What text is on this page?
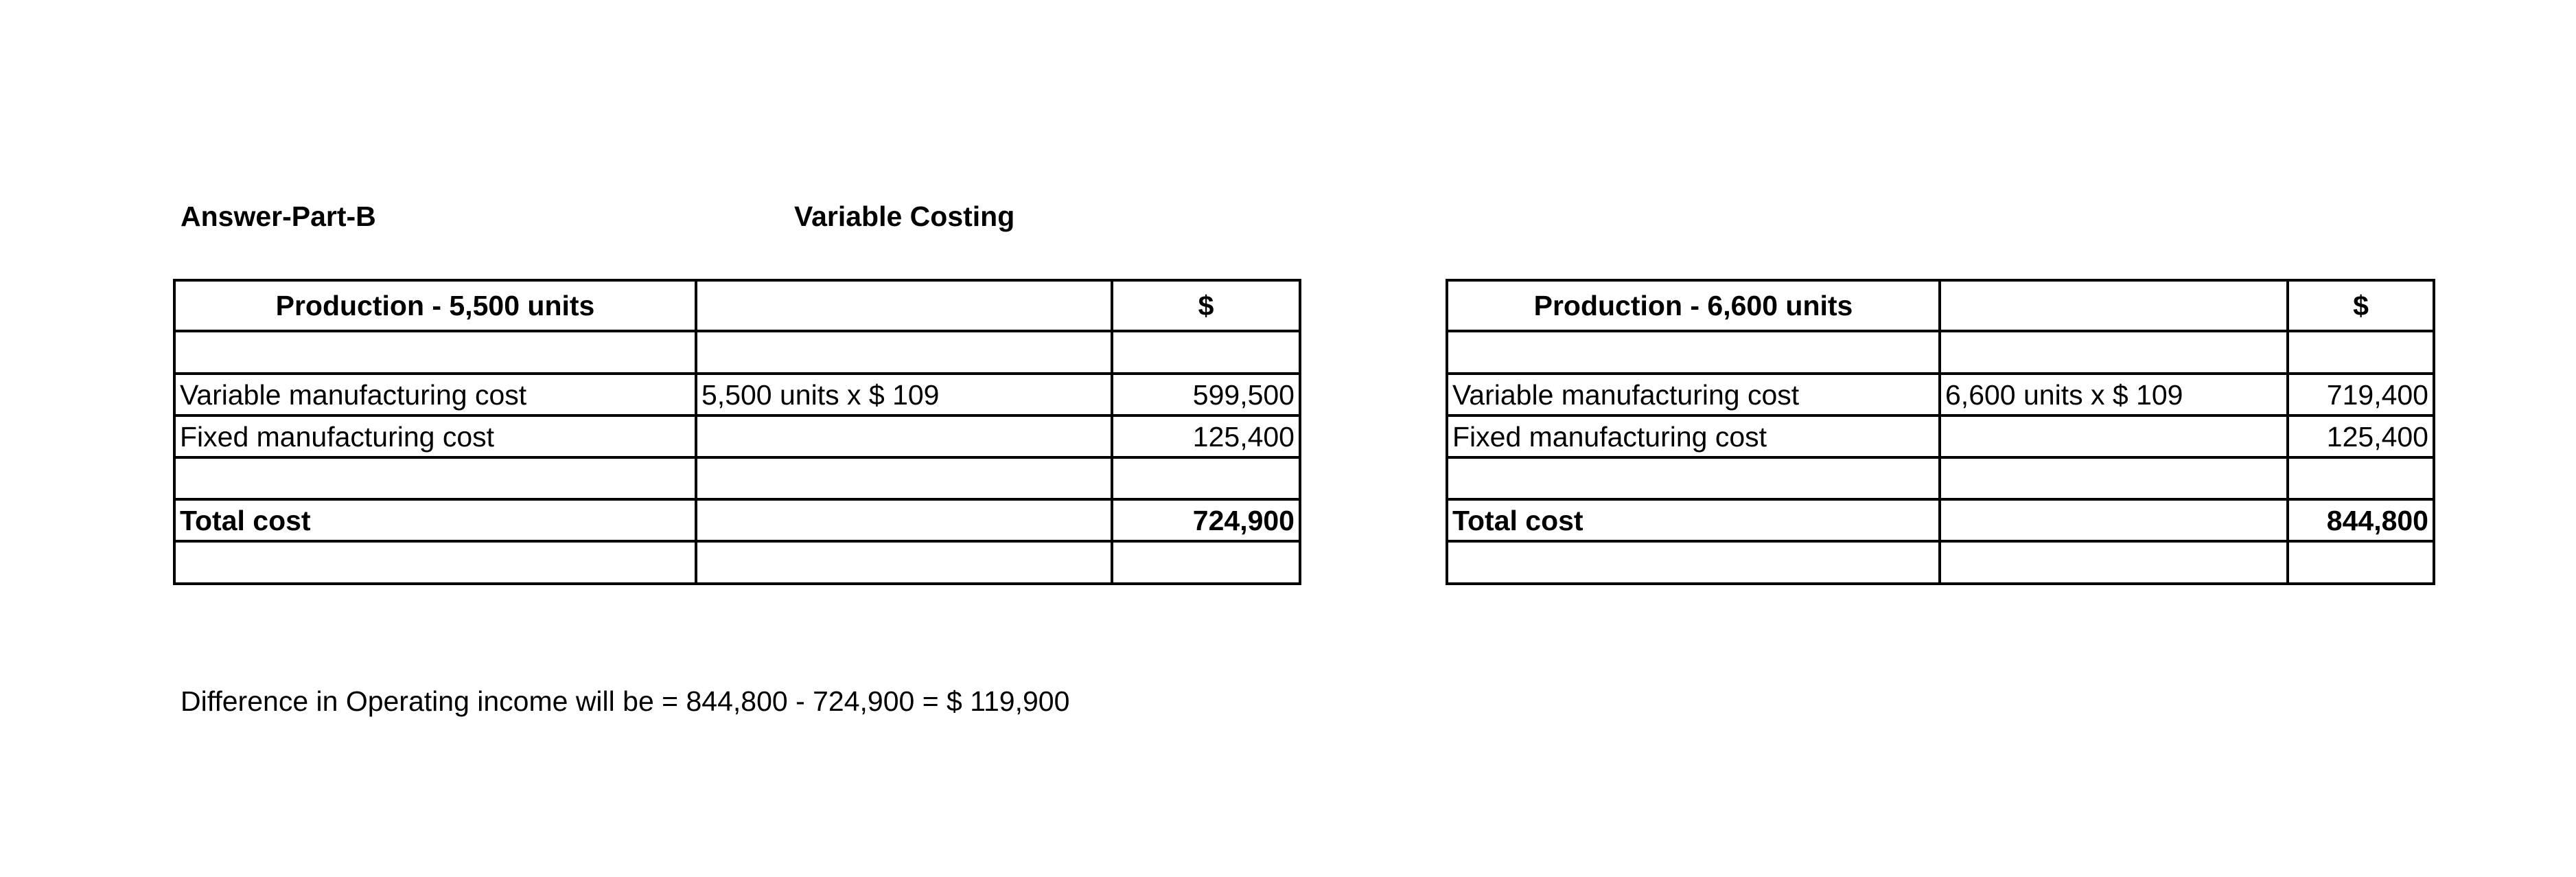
Answer-Part-B	Variable Costing
Production - 5,500 units		$

Variable manufacturing cost	5,500 units x $ 109	599,500
Fixed manufacturing cost		125,400

Total cost		724,900

Production - 6,600 units		$

Variable manufacturing cost	6,600 units x $ 109	719,400
Fixed manufacturing cost		125,400

Total cost		844,800

Difference in Operating income will be = 844,800 - 724,900 = $ 119,900
